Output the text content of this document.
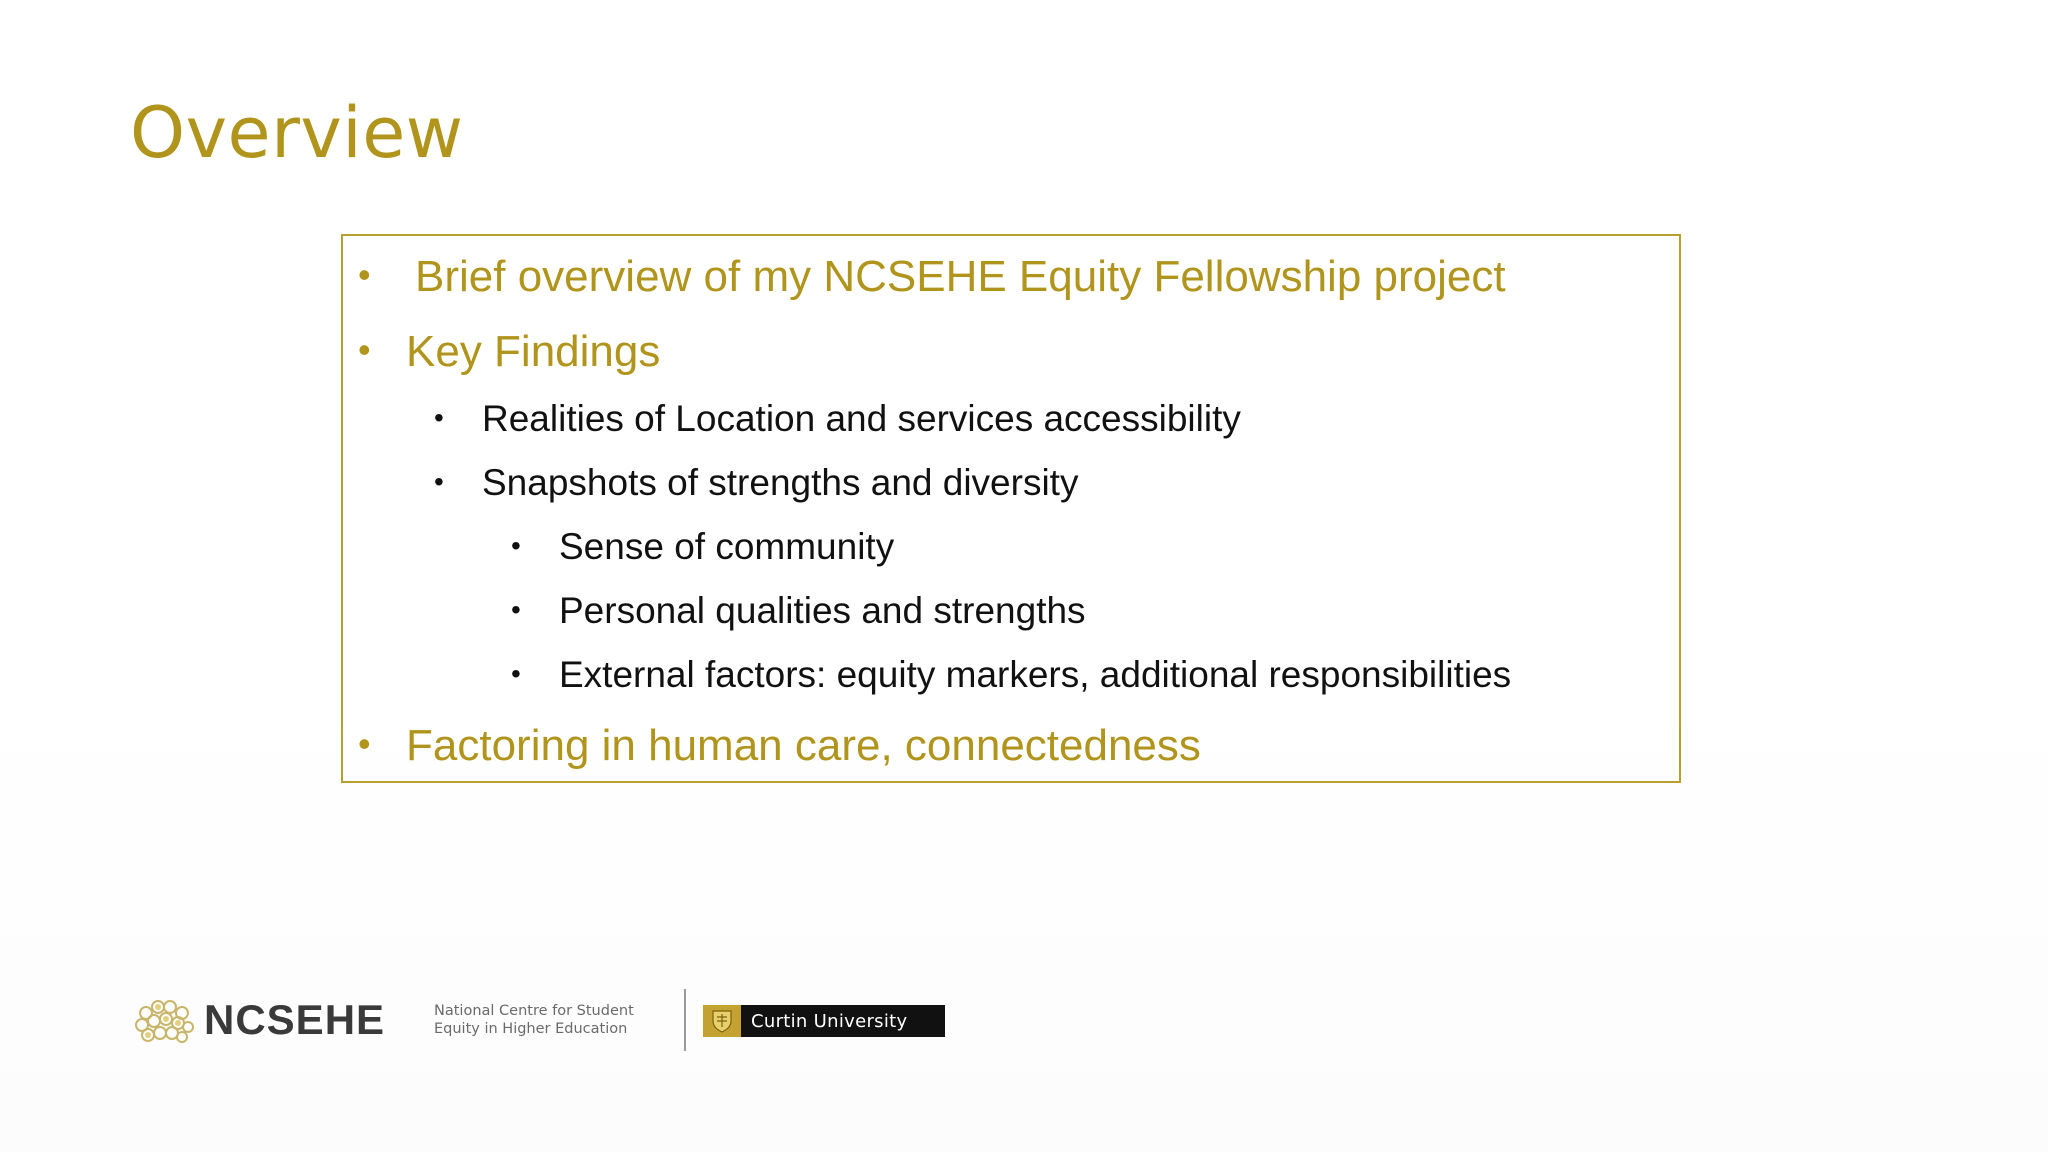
Overview
• Brief overview of my NCSEHE Equity Fellowship project
• Key Findings
• Realities of Location and services accessibility
• Snapshots of strengths and diversity
• Sense of community
• Personal qualities and strengths
• External factors: equity markers, additional responsibilities
• Factoring in human care, connectedness
NCSEHE	National Centre for Student
Equity in Higher Education	Curtin University
